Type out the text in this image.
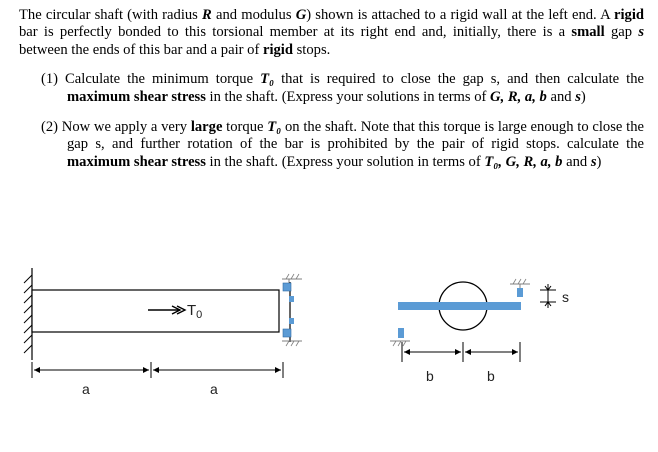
The circular shaft (with radius R and modulus G) shown is attached to a rigid wall at the left end. A rigid bar is perfectly bonded to this torsional member at its right end and, initially, there is a small gap s between the ends of this bar and a pair of rigid stops.

(1) Calculate the minimum torque T₀ that is required to close the gap s, and then calculate the maximum shear stress in the shaft. (Express your solutions in terms of G, R, a, b and s)

(2) Now we apply a very large torque T₀ on the shaft. Note that this torque is large enough to close the gap s, and further rotation of the bar is prohibited by the pair of rigid stops. calculate the maximum shear stress in the shaft. (Express your solution in terms of T₀, G, R, a, b and s)

$T_0$
a	a
s
b	b
